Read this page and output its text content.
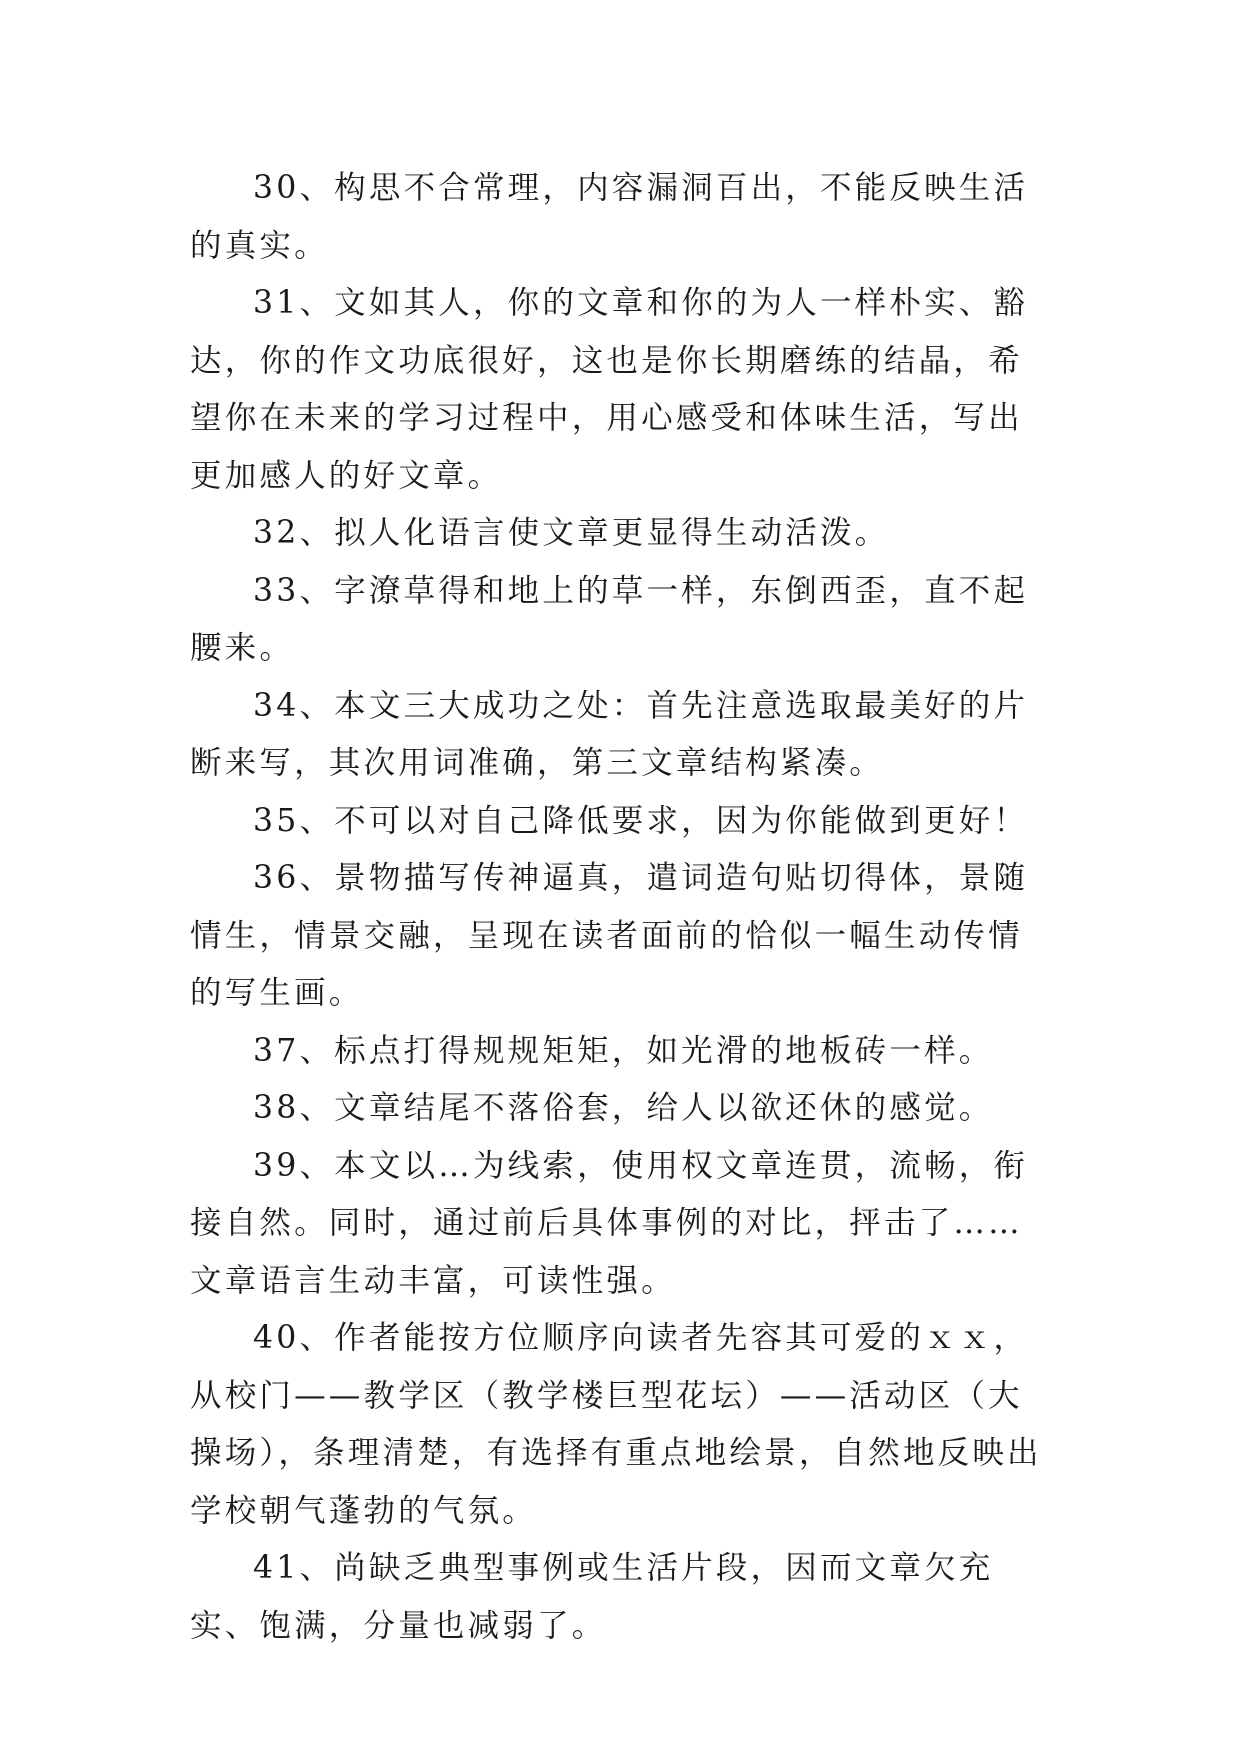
30、构思不合常理，内容漏洞百出，不能反映生活的真实。

31、文如其人，你的文章和你的为人一样朴实、豁达，你的作文功底很好，这也是你长期磨练的结晶，希望你在未来的学习过程中，用心感受和体味生活，写出更加感人的好文章。

32、拟人化语言使文章更显得生动活泼。

33、字潦草得和地上的草一样，东倒西歪，直不起腰来。

34、本文三大成功之处：首先注意选取最美好的片断来写，其次用词准确，第三文章结构紧凑。

35、不可以对自己降低要求，因为你能做到更好！

36、景物描写传神逼真，遣词造句贴切得体，景随情生，情景交融，呈现在读者面前的恰似一幅生动传情的写生画。

37、标点打得规规矩矩，如光滑的地板砖一样。

38、文章结尾不落俗套，给人以欲还休的感觉。

39、本文以…为线索，使用权文章连贯，流畅，衔接自然。同时，通过前后具体事例的对比，抨击了……文章语言生动丰富，可读性强。

40、作者能按方位顺序向读者先容其可爱的ｘｘ，从校门——教学区（教学楼巨型花坛）——活动区（大操场），条理清楚，有选择有重点地绘景，自然地反映出学校朝气蓬勃的气氛。

41、尚缺乏典型事例或生活片段，因而文章欠充实、饱满，分量也减弱了。
